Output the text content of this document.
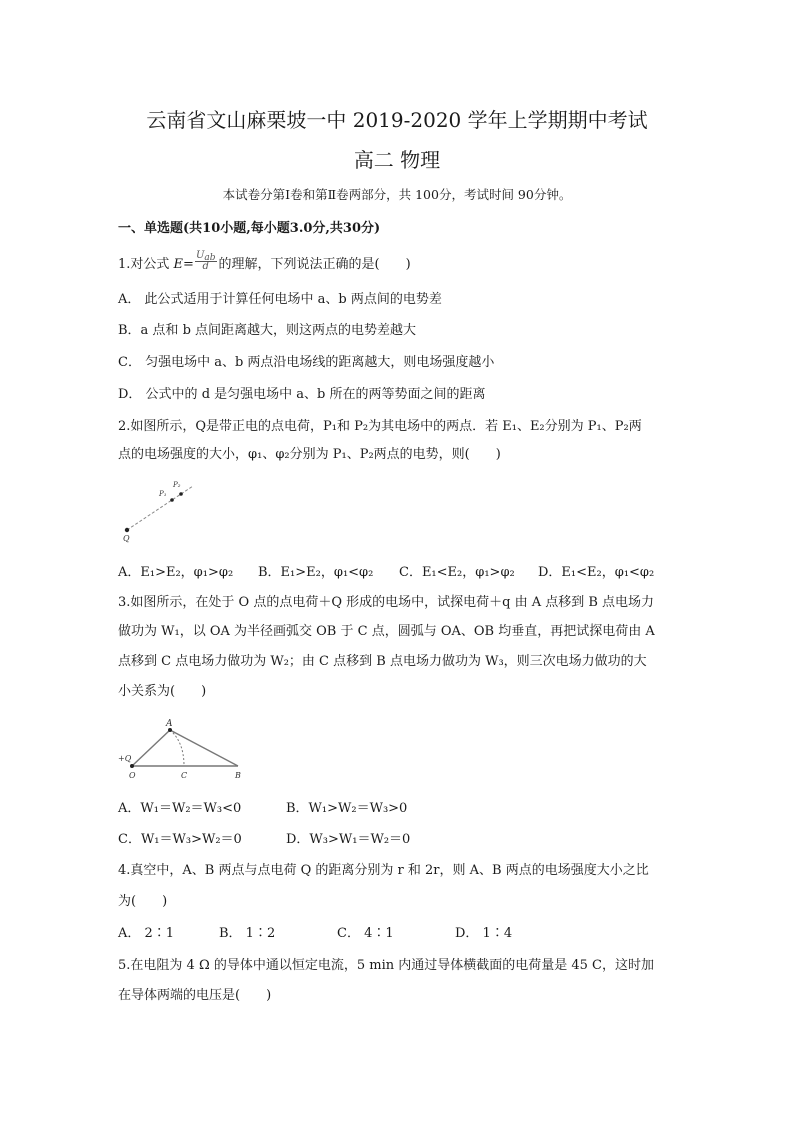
云南省文山麻栗坡一中 2019-2020 学年上学期期中考试
高二 物理
本试卷分第Ⅰ卷和第Ⅱ卷两部分，共 100分，考试时间 90分钟。
一、单选题(共10小题,每小题3.0分,共30分)
1.对公式 $E= \frac{U_{ab}}{d}$ 的理解，下列说法正确的是(　　)
A． 此公式适用于计算任何电场中 a、b 两点间的电势差
B．a 点和 b 点间距离越大，则这两点的电势差越大
C． 匀强电场中 a、b 两点沿电场线的距离越大，则电场强度越小
D． 公式中的 d 是匀强电场中 a、b 所在的两等势面之间的距离
2.如图所示，Q是带正电的点电荷，P₁和 P₂为其电场中的两点．若 E₁、E₂分别为 P₁、P₂两
点的电场强度的大小，φ₁、φ₂分别为 P₁、P₂两点的电势，则(　　)
Q
P₁
P₂
A．E₁>E₂，φ₁>φ₂ B．E₁>E₂，φ₁<φ₂ C．E₁<E₂，φ₁>φ₂ D．E₁<E₂，φ₁<φ₂
3.如图所示，在处于 O 点的点电荷＋Q 形成的电场中，试探电荷＋q 由 A 点移到 B 点电场力
做功为 W₁，以 OA 为半径画弧交 OB 于 C 点，圆弧与 OA、OB 均垂直，再把试探电荷由 A
点移到 C 点电场力做功为 W₂；由 C 点移到 B 点电场力做功为 W₃，则三次电场力做功的大
小关系为(　　)
A
+Q
O	C	B
A．W₁＝W₂＝W₃<0	B．W₁>W₂＝W₃>0
C．W₁＝W₃>W₂＝0	D．W₃>W₁＝W₂＝0
4.真空中，A、B 两点与点电荷 Q 的距离分别为 r 和 2r，则 A、B 两点的电场强度大小之比
为(　　)
A． 2∶1	B． 1∶2	C． 4∶1	D． 1∶4
5.在电阻为 4 Ω 的导体中通以恒定电流，5 min 内通过导体横截面的电荷量是 45 C，这时加
在导体两端的电压是(　　)
